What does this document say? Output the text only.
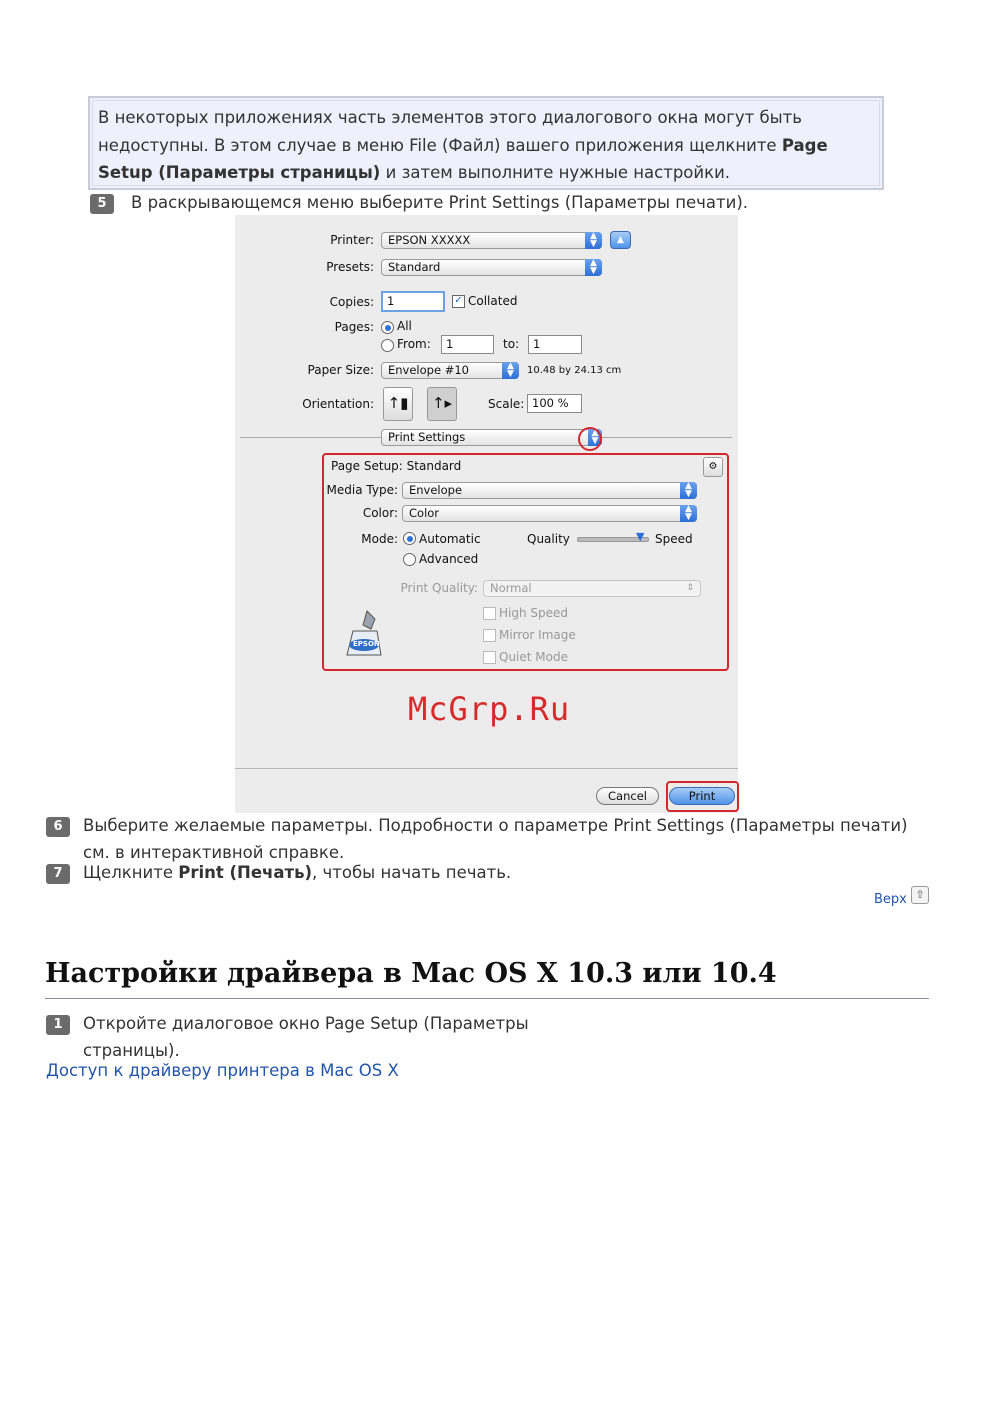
В некоторых приложениях часть элементов этого диалогового окна могут быть
недоступны. В этом случае в меню File (Файл) вашего приложения щелкните Page
Setup (Параметры страницы) и затем выполните нужные настройки.
5	В раскрывающемся меню выберите Print Settings (Параметры печати).
Printer:	EPSON XXXXX	▲
▼	▲
Presets:	Standard	▲
▼
Copies:	1	✓ Collated
Pages: All
From:	1	to:	1
Paper Size:	Envelope #10	▲
▼	10.48 by 24.13 cm
Orientation: ↑▮	↑▸	Scale: 100 %
Print Settings	▲
▼
Page Setup: Standard	⚙
Media Type: Envelope	▲
▼
Color: Color	▲
▼
Mode: Automatic
Advanced
Quality	▼ Speed
Print Quality:	Normal	⇕
High Speed
Mirror Image
Quiet Mode
EPSON
Cancel	Print
McGrp.Ru
6	Выберите желаемые параметры. Подробности о параметре Print Settings (Параметры печати)
см. в интерактивной справке.
7	Щелкните Print (Печать), чтобы начать печать.
Верх ⇧
Настройки драйвера в Mac OS X 10.3 или 10.4
1	Откройте диалоговое окно Page Setup (Параметры
страницы).
Доступ к драйверу принтера в Mac OS X
